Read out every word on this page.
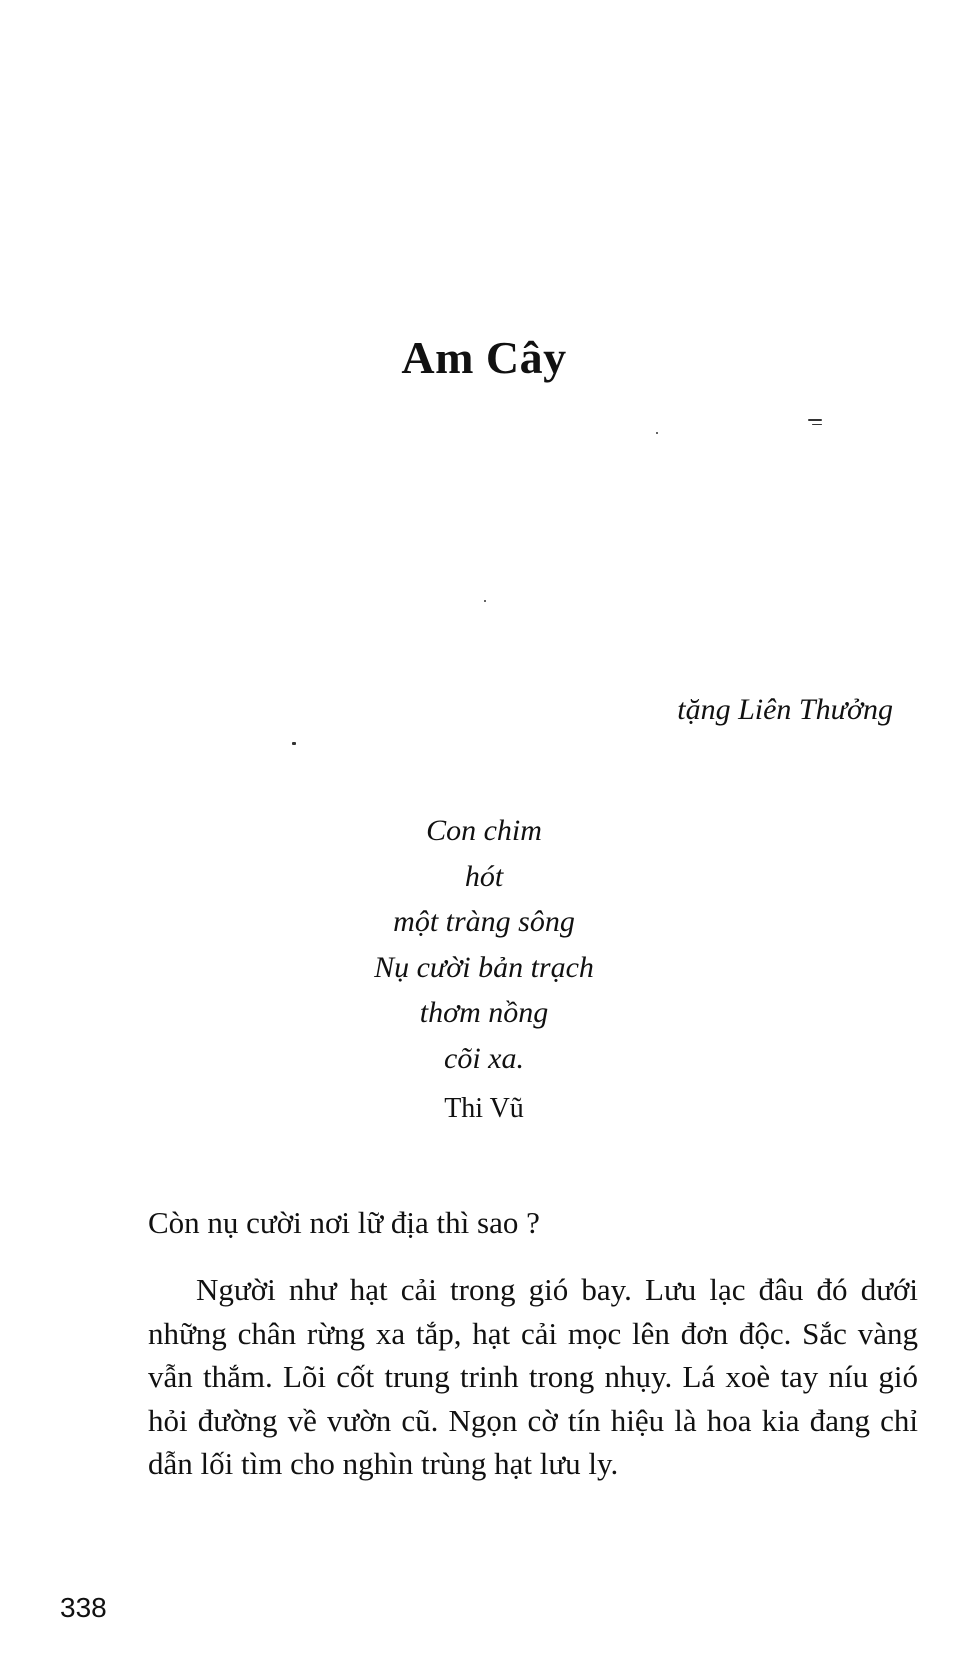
Am Cây
tặng Liên Thưởng
Con chim
hót
một tràng sông
Nụ cười bản trạch
thơm nồng
cõi xa.
Thi Vũ

Còn nụ cười nơi lữ địa thì sao ?

Người như hạt cải trong gió bay. Lưu lạc đâu đó dưới những chân rừng xa tắp, hạt cải mọc lên đơn độc. Sắc vàng vẫn thắm. Lõi cốt trung trinh trong nhụy. Lá xoè tay níu gió hỏi đường về vườn cũ. Ngọn cờ tín hiệu là hoa kia đang chỉ dẫn lối tìm cho nghìn trùng hạt lưu ly.

338
